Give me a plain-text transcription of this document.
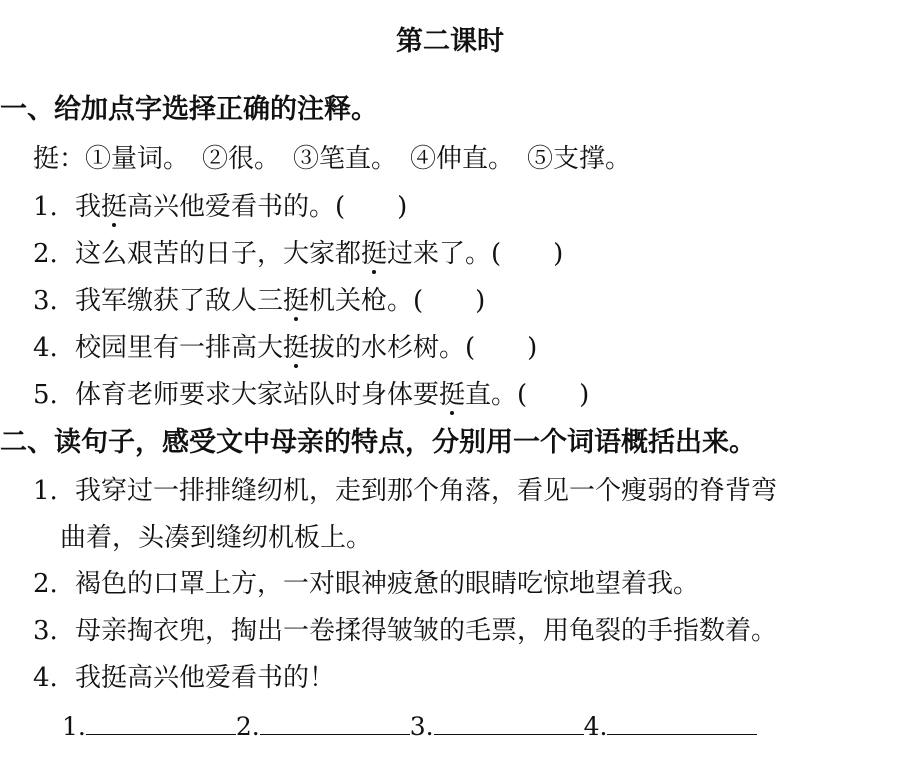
第二课时
一、给加点字选择正确的注释。
挺：①量词。　②很。　③笔直。　④伸直。　⑤支撑。
1. 我挺高兴他爱看书的。(　　)
2. 这么艰苦的日子，大家都挺过来了。(　　)
3. 我军缴获了敌人三挺机关枪。(　　)
4. 校园里有一排高大挺拔的水杉树。(　　)
5. 体育老师要求大家站队时身体要挺直。(　　)
二、读句子，感受文中母亲的特点，分别用一个词语概括出来。
1. 我穿过一排排缝纫机，走到那个角落，看见一个瘦弱的脊背弯
曲着，头凑到缝纫机板上。
2. 褐色的口罩上方，一对眼神疲惫的眼睛吃惊地望着我。
3. 母亲掏衣兜，掏出一卷揉得皱皱的毛票，用龟裂的手指数着。
4. 我挺高兴他爱看书的！
1.	2.	3.	4.
